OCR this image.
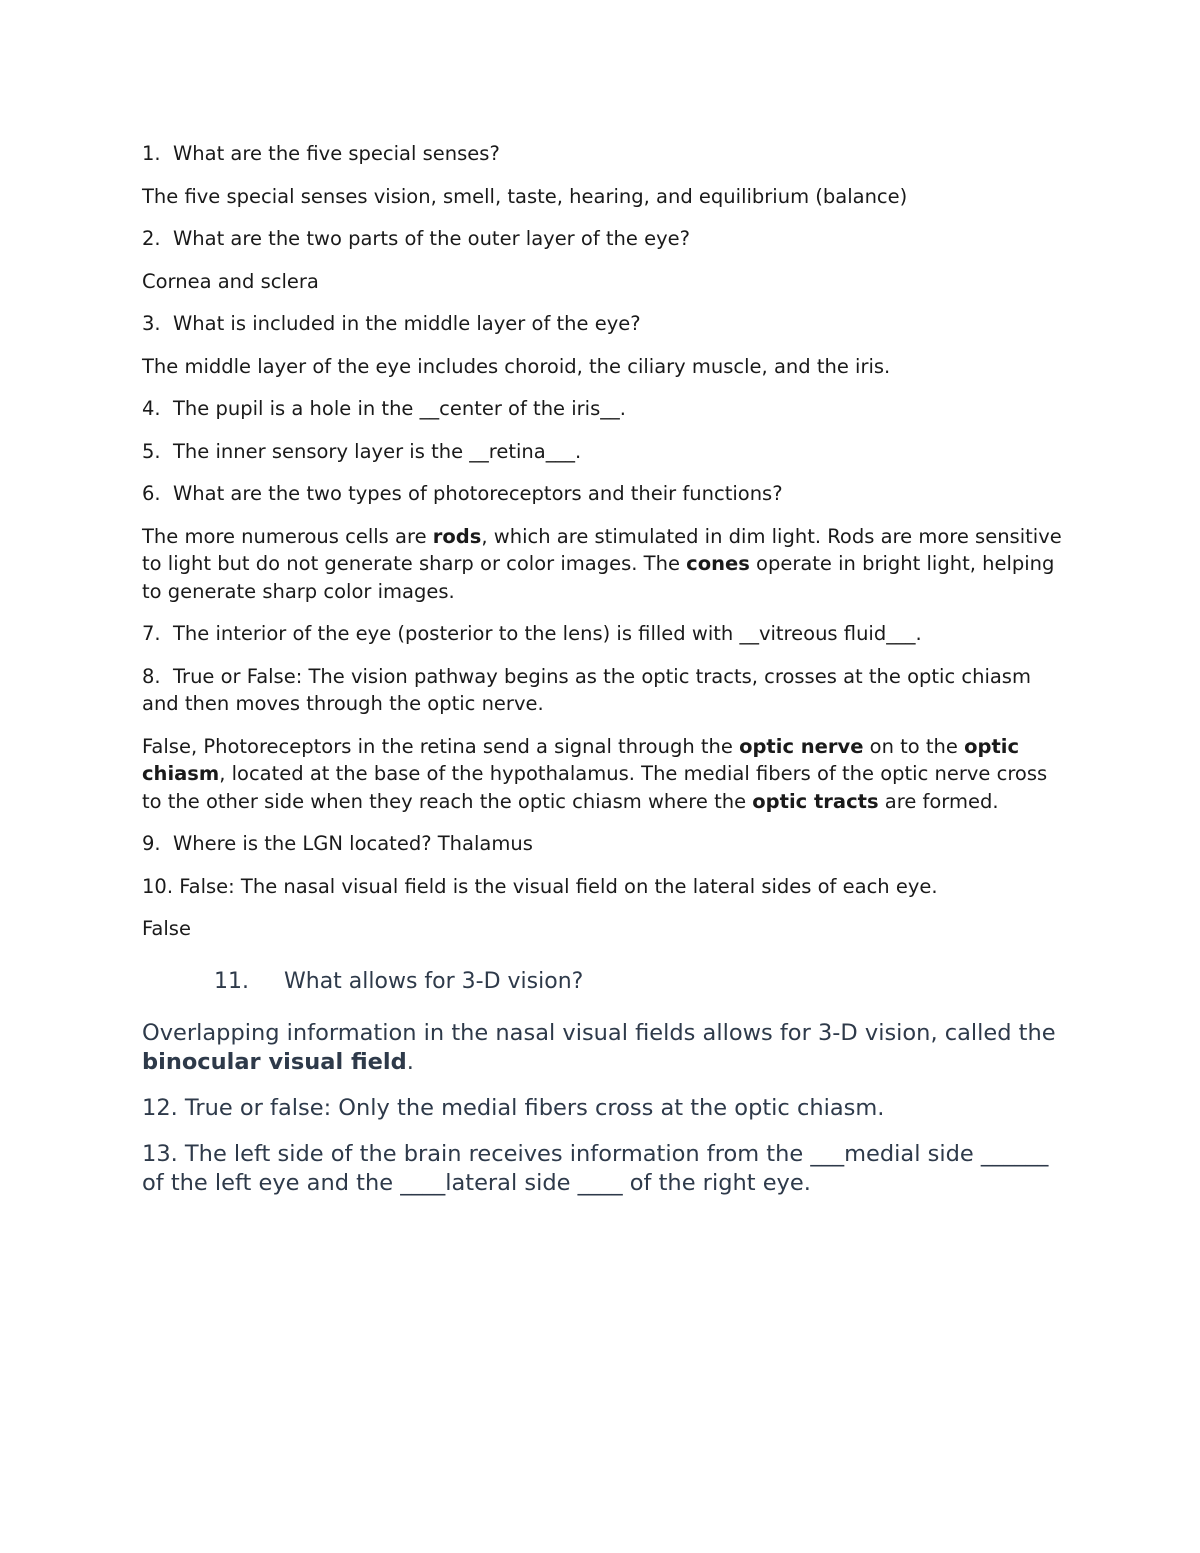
1.  What are the five special senses?

The five special senses vision, smell, taste, hearing, and equilibrium (balance)

2.  What are the two parts of the outer layer of the eye?

Cornea and sclera

3.  What is included in the middle layer of the eye?

The middle layer of the eye includes choroid, the ciliary muscle, and the iris.

4.  The pupil is a hole in the __center of the iris__.

5.  The inner sensory layer is the __retina___.

6.  What are the two types of photoreceptors and their functions?

The more numerous cells are rods, which are stimulated in dim light. Rods are more sensitive to light but do not generate sharp or color images. The cones operate in bright light, helping to generate sharp color images.

7.  The interior of the eye (posterior to the lens) is filled with __vitreous fluid___.

8.  True or False: The vision pathway begins as the optic tracts, crosses at the optic chiasm and then moves through the optic nerve.

False, Photoreceptors in the retina send a signal through the optic nerve on to the optic chiasm, located at the base of the hypothalamus. The medial fibers of the optic nerve cross to the other side when they reach the optic chiasm where the optic tracts are formed.

9.  Where is the LGN located? Thalamus

10. False: The nasal visual field is the visual field on the lateral sides of each eye.

False

11.	What allows for 3-D vision?

Overlapping information in the nasal visual fields allows for 3-D vision, called the binocular visual field.

12. True or false: Only the medial fibers cross at the optic chiasm.

13. The left side of the brain receives information from the ___medial side ______ of the left eye and the ____lateral side ____ of the right eye.
